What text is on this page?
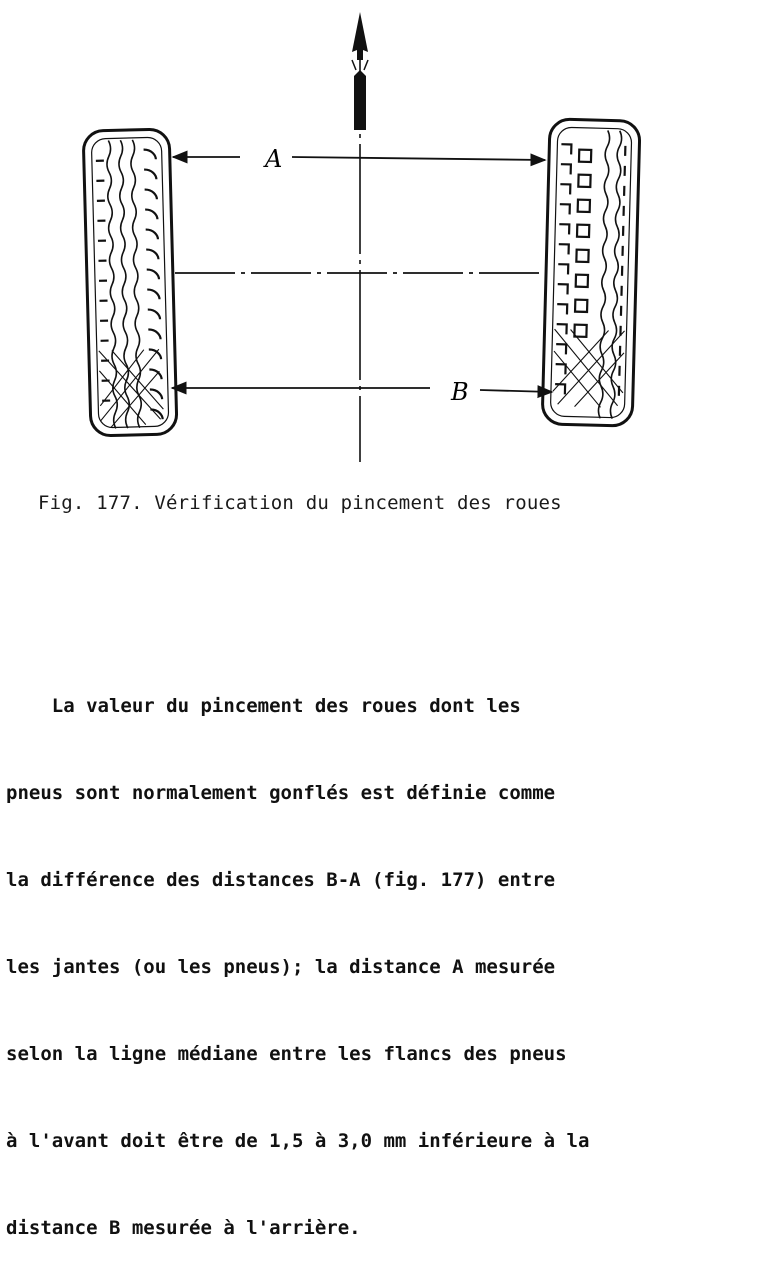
A
B
Fig. 177. Vérification du pincement des roues

La valeur du pincement des roues dont les

pneus sont normalement gonflés est définie comme

la différence des distances B-A (fig. 177) entre

les jantes (ou les pneus); la distance A mesurée

selon la ligne médiane entre les flancs des pneus

à l'avant doit être de 1,5 à 3,0 mm inférieure à la

distance B mesurée à l'arrière.
